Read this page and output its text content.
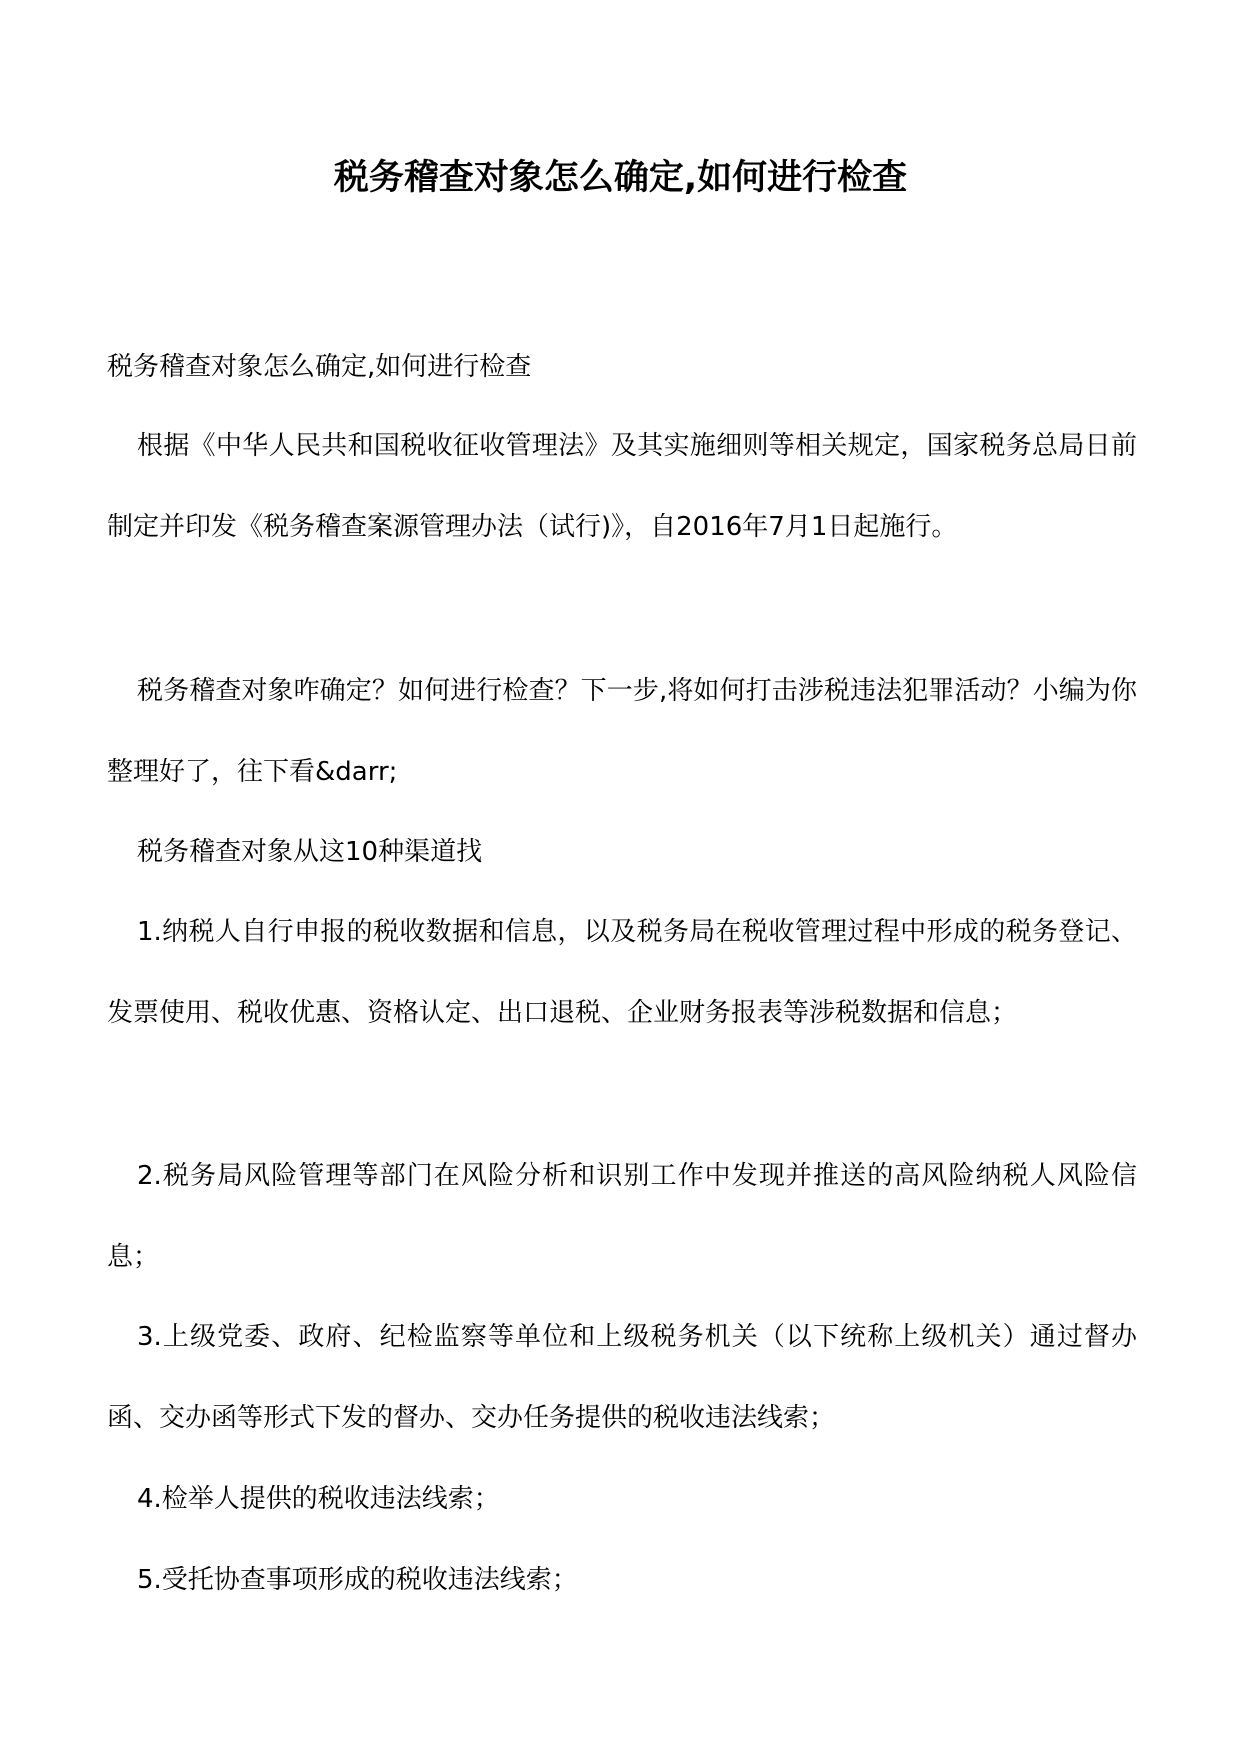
税务稽查对象怎么确定,如何进行检查

税务稽查对象怎么确定,如何进行检查

根据《中华人民共和国税收征收管理法》及其实施细则等相关规定，国家税务总局日前制定并印发《税务稽查案源管理办法（试行)》，自2016年7月1日起施行。

税务稽查对象咋确定？如何进行检查？下一步,将如何打击涉税违法犯罪活动？小编为你整理好了，往下看&darr;

税务稽查对象从这10种渠道找

1.纳税人自行申报的税收数据和信息，以及税务局在税收管理过程中形成的税务登记、发票使用、税收优惠、资格认定、出口退税、企业财务报表等涉税数据和信息；

2.税务局风险管理等部门在风险分析和识别工作中发现并推送的高风险纳税人风险信息；

3.上级党委、政府、纪检监察等单位和上级税务机关（以下统称上级机关）通过督办函、交办函等形式下发的督办、交办任务提供的税收违法线索；

4.检举人提供的税收违法线索；

5.受托协查事项形成的税收违法线索；
